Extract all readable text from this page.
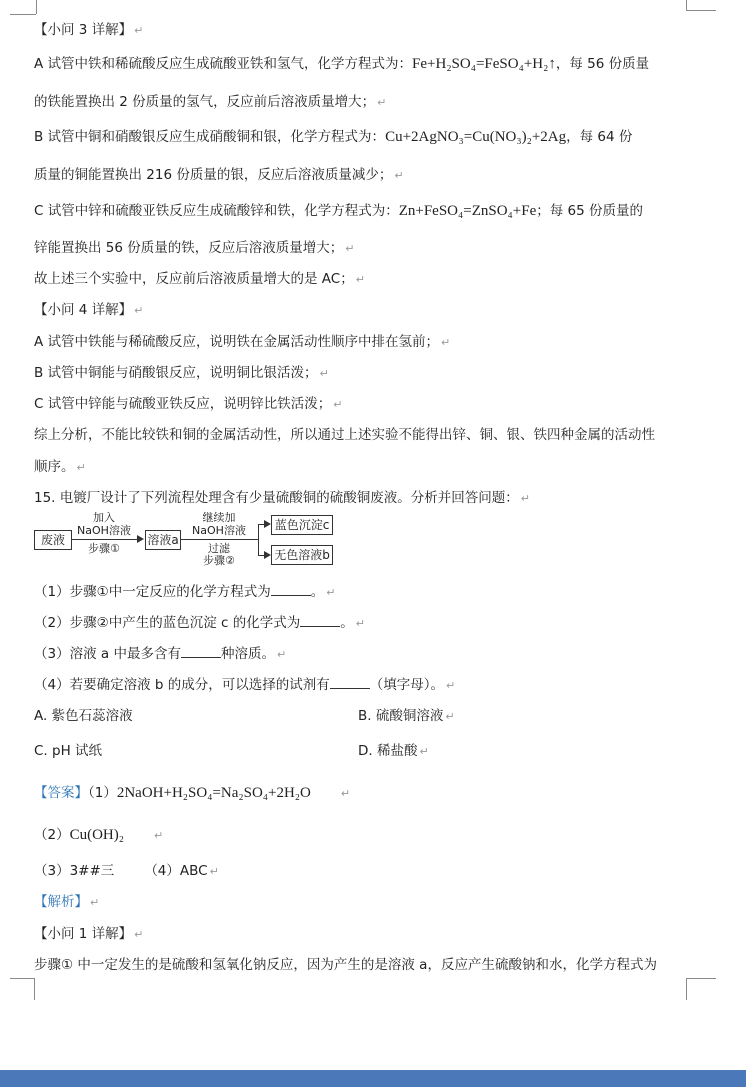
【小问 3 详解】 ↵
A 试管中铁和稀硫酸反应生成硫酸亚铁和氢气，化学方程式为：Fe+H₂SO₄=FeSO₄+H₂↑，每 56 份质量
的铁能置换出 2 份质量的氢气，反应前后溶液质量增大； ↵
B 试管中铜和硝酸银反应生成硝酸铜和银，化学方程式为：Cu+2AgNO₃=Cu(NO₃)₂+2Ag，每 64 份
质量的铜能置换出 216 份质量的银，反应后溶液质量减少； ↵
C 试管中锌和硫酸亚铁反应生成硫酸锌和铁，化学方程式为：Zn+FeSO₄=ZnSO₄+Fe；每 65 份质量的
锌能置换出 56 份质量的铁，反应后溶液质量增大； ↵
故上述三个实验中，反应前后溶液质量增大的是 AC； ↵
【小问 4 详解】 ↵
A 试管中铁能与稀硫酸反应，说明铁在金属活动性顺序中排在氢前； ↵
B 试管中铜能与硝酸银反应，说明铜比银活泼； ↵
C 试管中锌能与硫酸亚铁反应，说明锌比铁活泼； ↵
综上分析，不能比较铁和铜的金属活动性，所以通过上述实验不能得出锌、铜、银、铁四种金属的活动性
顺序。 ↵
15. 电镀厂设计了下列流程处理含有少量硫酸铜的硫酸铜废液。分析并回答问题： ↵
废液
加入
NaOH溶液
步骤①
溶液a
继续加
NaOH溶液
过滤
步骤②
蓝色沉淀c
无色溶液b
（1）步骤①中一定反应的化学方程式为	。 ↵
（2）步骤②中产生的蓝色沉淀 c 的化学式为	。 ↵
（3）溶液 a 中最多含有	种溶质。 ↵
（4）若要确定溶液 b 的成分，可以选择的试剂有	（填字母）。 ↵
A. 紫色石蕊溶液	B. 硫酸铜溶液 ↵
C. pH 试纸	D. 稀盐酸 ↵
【答案】（1）2NaOH+H₂SO₄=Na₂SO₄+2H₂O	↵
（2）Cu(OH)₂	↵
（3）3##三 （4）ABC ↵
【解析】 ↵
【小问 1 详解】 ↵
步骤① 中一定发生的是硫酸和氢氧化钠反应，因为产生的是溶液 a，反应产生硫酸钠和水，化学方程式为
